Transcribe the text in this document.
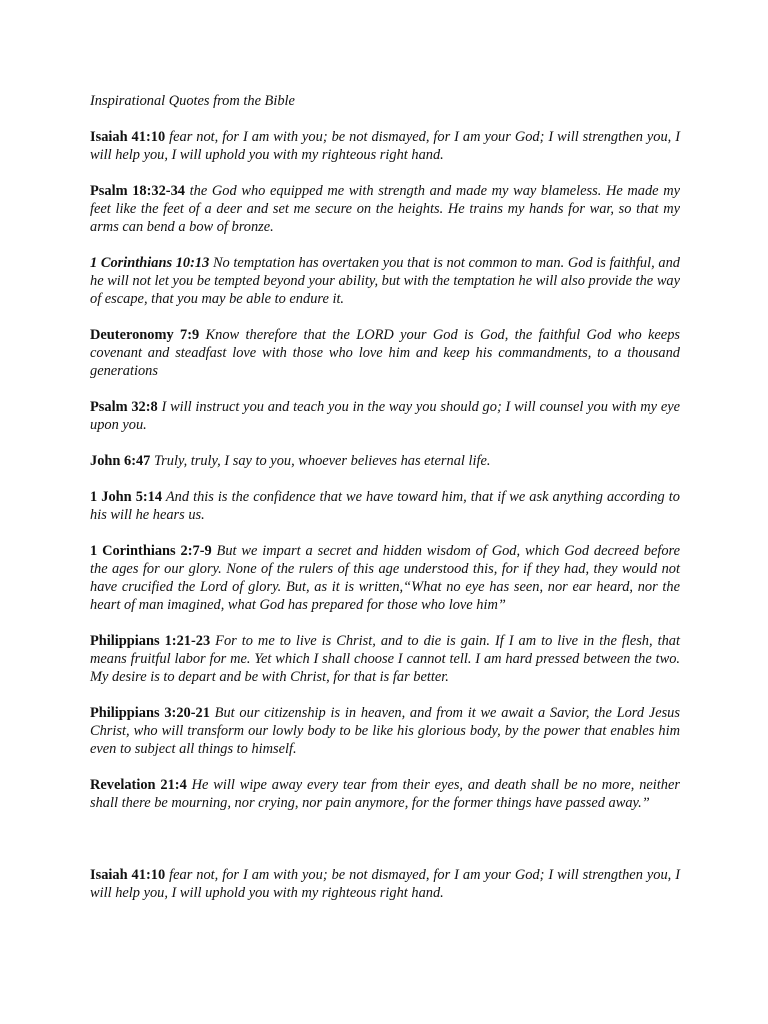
Inspirational Quotes from the Bible

Isaiah 41:10 fear not, for I am with you; be not dismayed, for I am your God; I will strengthen you, I will help you, I will uphold you with my righteous right hand.

Psalm 18:32-34 the God who equipped me with strength and made my way blameless. He made my feet like the feet of a deer and set me secure on the heights. He trains my hands for war, so that my arms can bend a bow of bronze.

1 Corinthians 10:13 No temptation has overtaken you that is not common to man. God is faithful, and he will not let you be tempted beyond your ability, but with the temptation he will also provide the way of escape, that you may be able to endure it.

Deuteronomy 7:9 Know therefore that the LORD your God is God, the faithful God who keeps covenant and steadfast love with those who love him and keep his commandments, to a thousand generations

Psalm 32:8 I will instruct you and teach you in the way you should go; I will counsel you with my eye upon you.

John 6:47 Truly, truly, I say to you, whoever believes has eternal life.

1 John 5:14 And this is the confidence that we have toward him, that if we ask anything according to his will he hears us.

1 Corinthians 2:7-9 But we impart a secret and hidden wisdom of God, which God decreed before the ages for our glory. None of the rulers of this age understood this, for if they had, they would not have crucified the Lord of glory. But, as it is written,“What no eye has seen, nor ear heard, nor the heart of man imagined, what God has prepared for those who love him”

Philippians 1:21-23 For to me to live is Christ, and to die is gain. If I am to live in the flesh, that means fruitful labor for me. Yet which I shall choose I cannot tell. I am hard pressed between the two. My desire is to depart and be with Christ, for that is far better.

Philippians 3:20-21 But our citizenship is in heaven, and from it we await a Savior, the Lord Jesus Christ, who will transform our lowly body to be like his glorious body, by the power that enables him even to subject all things to himself.

Revelation 21:4 He will wipe away every tear from their eyes, and death shall be no more, neither shall there be mourning, nor crying, nor pain anymore, for the former things have passed away.”

Isaiah 41:10 fear not, for I am with you; be not dismayed, for I am your God; I will strengthen you, I will help you, I will uphold you with my righteous right hand.
